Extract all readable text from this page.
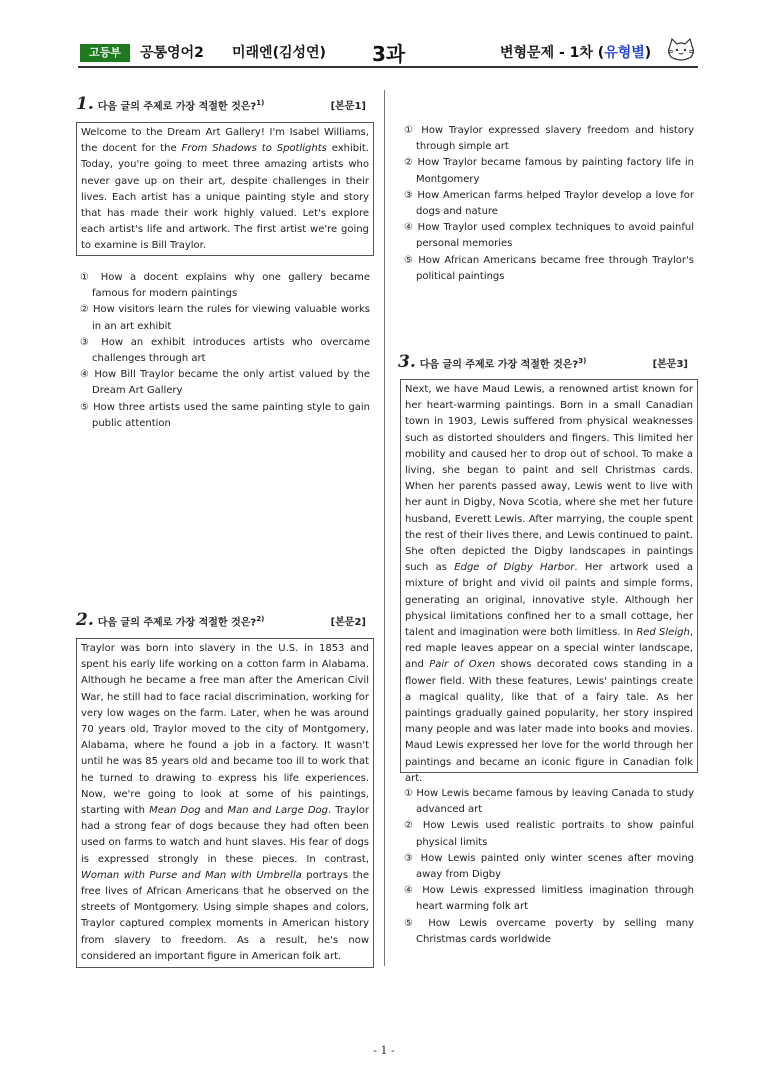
고등부	공통영어2 미래엔(김성연) 3과	변형문제 - 1차 (유형별)
1. 다음 글의 주제로 가장 적절한 것은?$^{1)}$	[본문1]
Welcome to the Dream Art Gallery! I'm Isabel Williams, the docent for the From Shadows to Spotlights exhibit. Today, you're going to meet three amazing artists who never gave up on their art, despite challenges in their lives. Each artist has a unique painting style and story that has made their work highly valued. Let's explore each artist's life and artwork. The first artist we're going to examine is Bill Traylor.
① How a docent explains why one gallery became famous for modern paintings
② How visitors learn the rules for viewing valuable works in an art exhibit
③ How an exhibit introduces artists who overcame challenges through art
④ How Bill Traylor became the only artist valued by the Dream Art Gallery
⑤ How three artists used the same painting style to gain public attention
2. 다음 글의 주제로 가장 적절한 것은?$^{2)}$	[본문2]
Traylor was born into slavery in the U.S. in 1853 and spent his early life working on a cotton farm in Alabama. Although he became a free man after the American Civil War, he still had to face racial discrimination, working for very low wages on the farm. Later, when he was around 70 years old, Traylor moved to the city of Montgomery, Alabama, where he found a job in a factory. It wasn't until he was 85 years old and became too ill to work that he turned to drawing to express his life experiences. Now, we're going to look at some of his paintings, starting with Mean Dog and Man and Large Dog. Traylor had a strong fear of dogs because they had often been used on farms to watch and hunt slaves. His fear of dogs is expressed strongly in these pieces. In contrast, Woman with Purse and Man with Umbrella portrays the free lives of African Americans that he observed on the streets of Montgomery. Using simple shapes and colors, Traylor captured complex moments in American history from slavery to freedom. As a result, he's now considered an important figure in American folk art.
① How Traylor expressed slavery freedom and history through simple art
② How Traylor became famous by painting factory life in Montgomery
③ How American farms helped Traylor develop a love for dogs and nature
④ How Traylor used complex techniques to avoid painful personal memories
⑤ How African Americans became free through Traylor's political paintings
3. 다음 글의 주제로 가장 적절한 것은?$^{3)}$	[본문3]
Next, we have Maud Lewis, a renowned artist known for her heart-warming paintings. Born in a small Canadian town in 1903, Lewis suffered from physical weaknesses such as distorted shoulders and fingers. This limited her mobility and caused her to drop out of school. To make a living, she began to paint and sell Christmas cards. When her parents passed away, Lewis went to live with her aunt in Digby, Nova Scotia, where she met her future husband, Everett Lewis. After marrying, the couple spent the rest of their lives there, and Lewis continued to paint. She often depicted the Digby landscapes in paintings such as Edge of Digby Harbor. Her artwork used a mixture of bright and vivid oil paints and simple forms, generating an original, innovative style. Although her physical limitations confined her to a small cottage, her talent and imagination were both limitless. In Red Sleigh, red maple leaves appear on a special winter landscape, and Pair of Oxen shows decorated cows standing in a flower field. With these features, Lewis' paintings create a magical quality, like that of a fairy tale. As her paintings gradually gained popularity, her story inspired many people and was later made into books and movies. Maud Lewis expressed her love for the world through her paintings and became an iconic figure in Canadian folk art.
① How Lewis became famous by leaving Canada to study advanced art
② How Lewis used realistic portraits to show painful physical limits
③ How Lewis painted only winter scenes after moving away from Digby
④ How Lewis expressed limitless imagination through heart warming folk art
⑤ How Lewis overcame poverty by selling many Christmas cards worldwide
- 1 -
